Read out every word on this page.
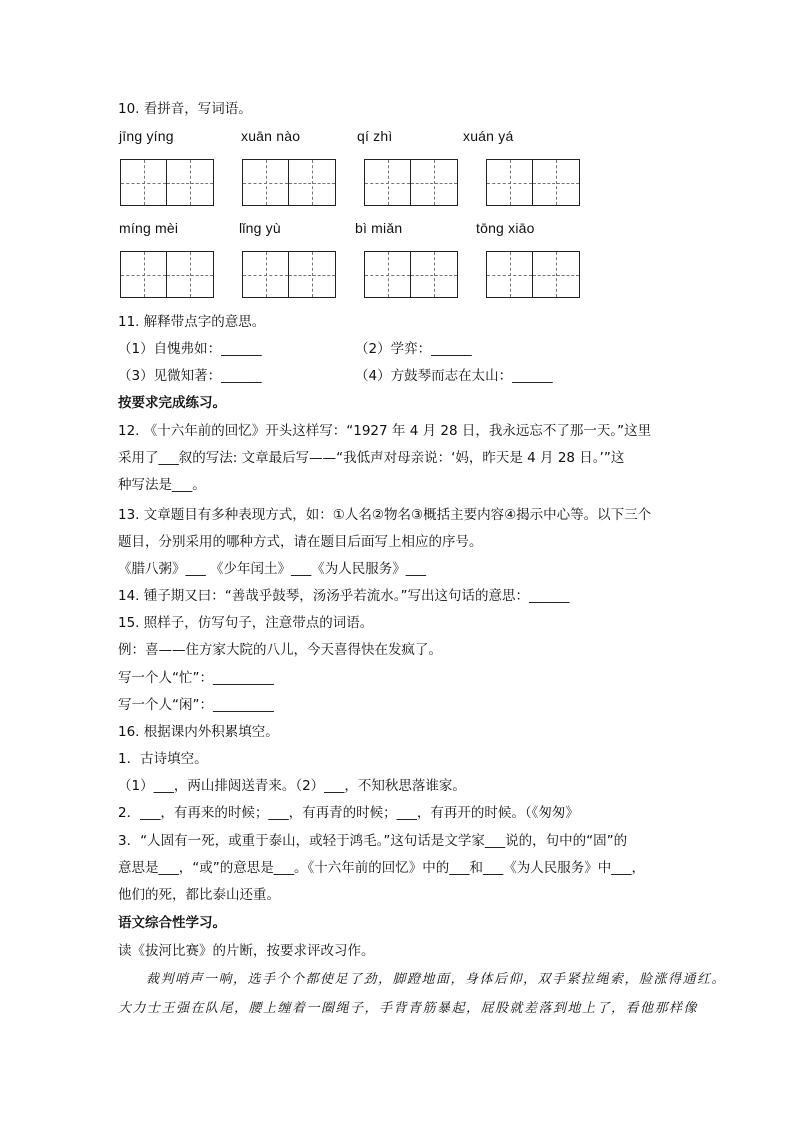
10. 看拼音，写词语。
jīng yíng	xuān nào	qí zhì	xuán yá
míng mèi	lǐng yù	bì miǎn	tōng xiāo
11. 解释带点字的意思。
（1）自愧弗如：______	（2）学弈：______
（3）见微知著：______	（4）方鼓琴而志在太山：______
按要求完成练习。
12. 《十六年前的回忆》开头这样写：“1927 年 4 月 28 日，我永远忘不了那一天。”这里
采用了___叙的写法: 文章最后写——“我低声对母亲说：‘妈，昨天是 4 月 28 日。’”这
种写法是___。
13. 文章题目有多种表现方式，如：①人名②物名③概括主要内容④揭示中心等。以下三个
题目，分别采用的哪种方式，请在题目后面写上相应的序号。
《腊八粥》___ 《少年闰土》___《为人民服务》___
14. 锺子期又曰：“善哉乎鼓琴，汤汤乎若流水。”写出这句话的意思：______
15. 照样子，仿写句子，注意带点的词语。
例：喜——住方家大院的八儿，今天喜得快在发疯了。
写一个人“忙”：_________
写一个人“闲”：_________
16. 根据课内外积累填空。
1．古诗填空。
（1）___，两山排闼送青来。（2）___，不知秋思落谁家。
2．___，有再来的时候；___，有再青的时候；___，有再开的时候。（《匆匆》
3．“人固有一死，或重于泰山，或轻于鸿毛。”这句话是文学家___说的，句中的“固”的
意思是___，“或”的意思是___。《十六年前的回忆》中的___和___《为人民服务》中___，
他们的死，都比泰山还重。
语文综合性学习。
读《拔河比赛》的片断，按要求评改习作。
裁判哨声一响，选手个个都使足了劲，脚蹬地面，身体后仰，双手紧拉绳索，脸涨得通红。
大力士王强在队尾，腰上缠着一圈绳子，手背青筋暴起，屁股就差落到地上了，看他那样像
